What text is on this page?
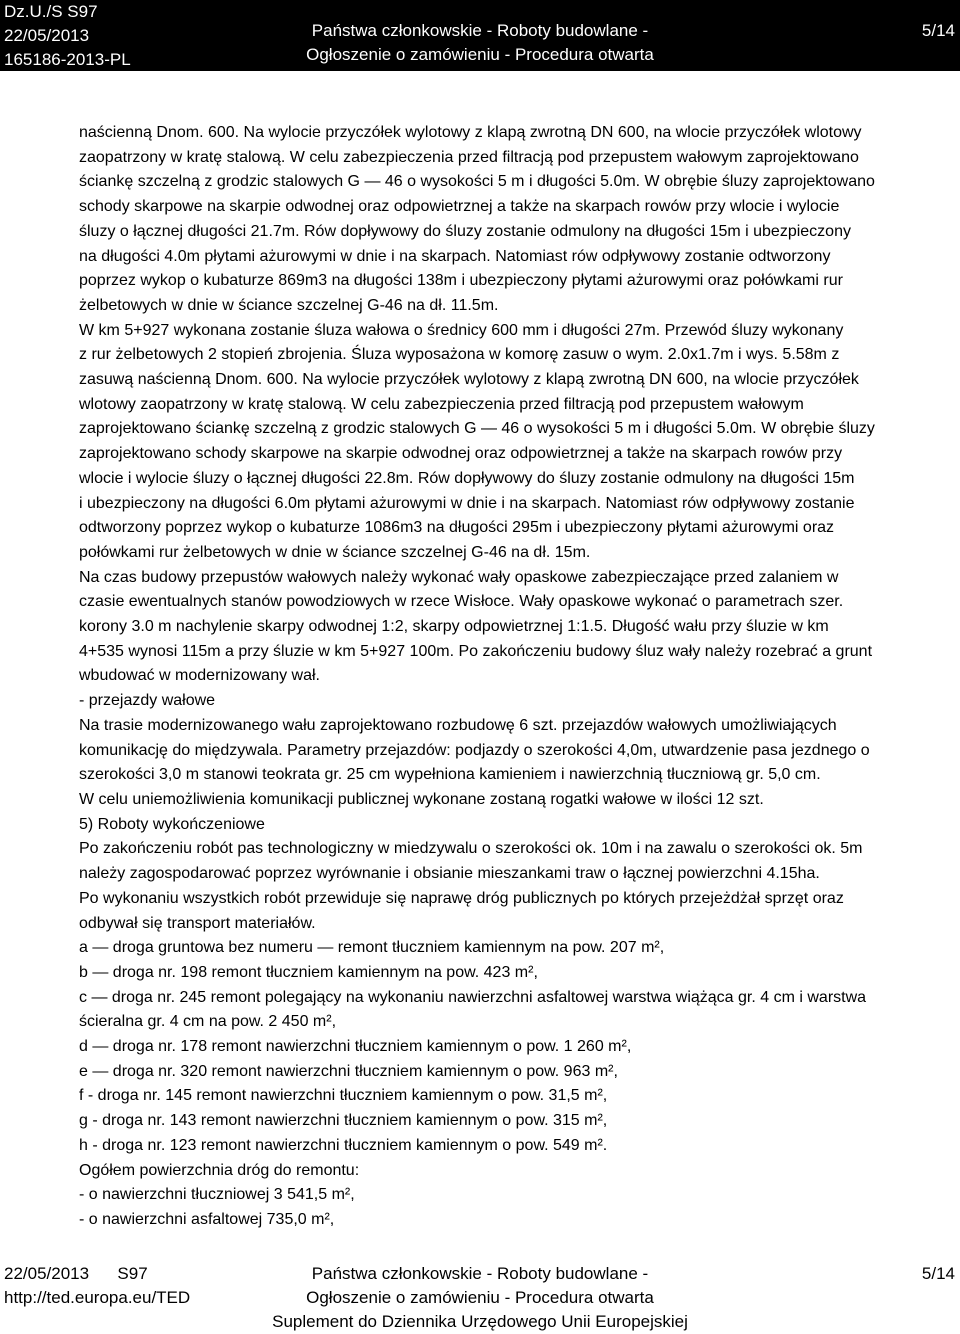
Dz.U./S S97
22/05/2013
165186-2013-PL
Państwa członkowskie - Roboty budowlane -
Ogłoszenie o zamówieniu - Procedura otwarta
5/14

naścienną Dnom. 600. Na wylocie przyczółek wylotowy z klapą zwrotną DN 600, na wlocie przyczółek wlotowy

zaopatrzony w kratę stalową. W celu zabezpieczenia przed filtracją pod przepustem wałowym zaprojektowano

ściankę szczelną z grodzic stalowych G — 46 o wysokości 5 m i długości 5.0m. W obrębie śluzy zaprojektowano

schody skarpowe na skarpie odwodnej oraz odpowietrznej a także na skarpach rowów przy wlocie i wylocie

śluzy o łącznej długości 21.7m. Rów dopływowy do śluzy zostanie odmulony na długości 15m i ubezpieczony

na długości 4.0m płytami ażurowymi w dnie i na skarpach. Natomiast rów odpływowy zostanie odtworzony

poprzez wykop o kubaturze 869m3 na długości 138m i ubezpieczony płytami ażurowymi oraz połówkami rur

żelbetowych w dnie w ściance szczelnej G-46 na dł. 11.5m.

W km 5+927 wykonana zostanie śluza wałowa o średnicy 600 mm i długości 27m. Przewód śluzy wykonany

z rur żelbetowych 2 stopień zbrojenia. Śluza wyposażona w komorę zasuw o wym. 2.0x1.7m i wys. 5.58m z

zasuwą naścienną Dnom. 600. Na wylocie przyczółek wylotowy z klapą zwrotną DN 600, na wlocie przyczółek

wlotowy zaopatrzony w kratę stalową. W celu zabezpieczenia przed filtracją pod przepustem wałowym

zaprojektowano ściankę szczelną z grodzic stalowych G — 46 o wysokości 5 m i długości 5.0m. W obrębie śluzy

zaprojektowano schody skarpowe na skarpie odwodnej oraz odpowietrznej a także na skarpach rowów przy

wlocie i wylocie śluzy o łącznej długości 22.8m. Rów dopływowy do śluzy zostanie odmulony na długości 15m

i ubezpieczony na długości 6.0m płytami ażurowymi w dnie i na skarpach. Natomiast rów odpływowy zostanie

odtworzony poprzez wykop o kubaturze 1086m3 na długości 295m i ubezpieczony płytami ażurowymi oraz

połówkami rur żelbetowych w dnie w ściance szczelnej G-46 na dł. 15m.

Na czas budowy przepustów wałowych należy wykonać wały opaskowe zabezpieczające przed zalaniem w

czasie ewentualnych stanów powodziowych w rzece Wisłoce. Wały opaskowe wykonać o parametrach szer.

korony 3.0 m nachylenie skarpy odwodnej 1:2, skarpy odpowietrznej 1:1.5. Długość wału przy śluzie w km

4+535 wynosi 115m a przy śluzie w km 5+927 100m. Po zakończeniu budowy śluz wały należy rozebrać a grunt

wbudować w modernizowany wał.

- przejazdy wałowe

Na trasie modernizowanego wału zaprojektowano rozbudowę 6 szt. przejazdów wałowych umożliwiających

komunikację do międzywala. Parametry przejazdów: podjazdy o szerokości 4,0m, utwardzenie pasa jezdnego o

szerokości 3,0 m stanowi teokrata gr. 25 cm wypełniona kamieniem i nawierzchnią tłuczniową gr. 5,0 cm.

W celu uniemożliwienia komunikacji publicznej wykonane zostaną rogatki wałowe w ilości 12 szt.

5) Roboty wykończeniowe

Po zakończeniu robót pas technologiczny w miedzywalu o szerokości ok. 10m i na zawalu o szerokości ok. 5m

należy zagospodarować poprzez wyrównanie i obsianie mieszankami traw o łącznej powierzchni 4.15ha.

Po wykonaniu wszystkich robót przewiduje się naprawę dróg publicznych po których przejeżdżał sprzęt oraz

odbywał się transport materiałów.

a — droga gruntowa bez numeru — remont tłuczniem kamiennym na pow. 207 m²,

b — droga nr. 198 remont tłuczniem kamiennym na pow. 423 m²,

c — droga nr. 245 remont polegający na wykonaniu nawierzchni asfaltowej warstwa wiążąca gr. 4 cm i warstwa

ścieralna gr. 4 cm na pow. 2 450 m²,

d — droga nr. 178 remont nawierzchni tłuczniem kamiennym o pow. 1 260 m²,

e — droga nr. 320 remont nawierzchni tłuczniem kamiennym o pow. 963 m²,

f - droga nr. 145 remont nawierzchni tłuczniem kamiennym o pow. 31,5 m²,

g - droga nr. 143 remont nawierzchni tłuczniem kamiennym o pow. 315 m²,

h - droga nr. 123 remont nawierzchni tłuczniem kamiennym o pow. 549 m².

Ogółem powierzchnia dróg do remontu:

- o nawierzchni tłuczniowej 3 541,5 m²,

- o nawierzchni asfaltowej 735,0 m²,

22/05/2013      S97
http://ted.europa.eu/TED
Państwa członkowskie - Roboty budowlane -
Ogłoszenie o zamówieniu - Procedura otwarta
Suplement do Dziennika Urzędowego Unii Europejskiej
5/14
